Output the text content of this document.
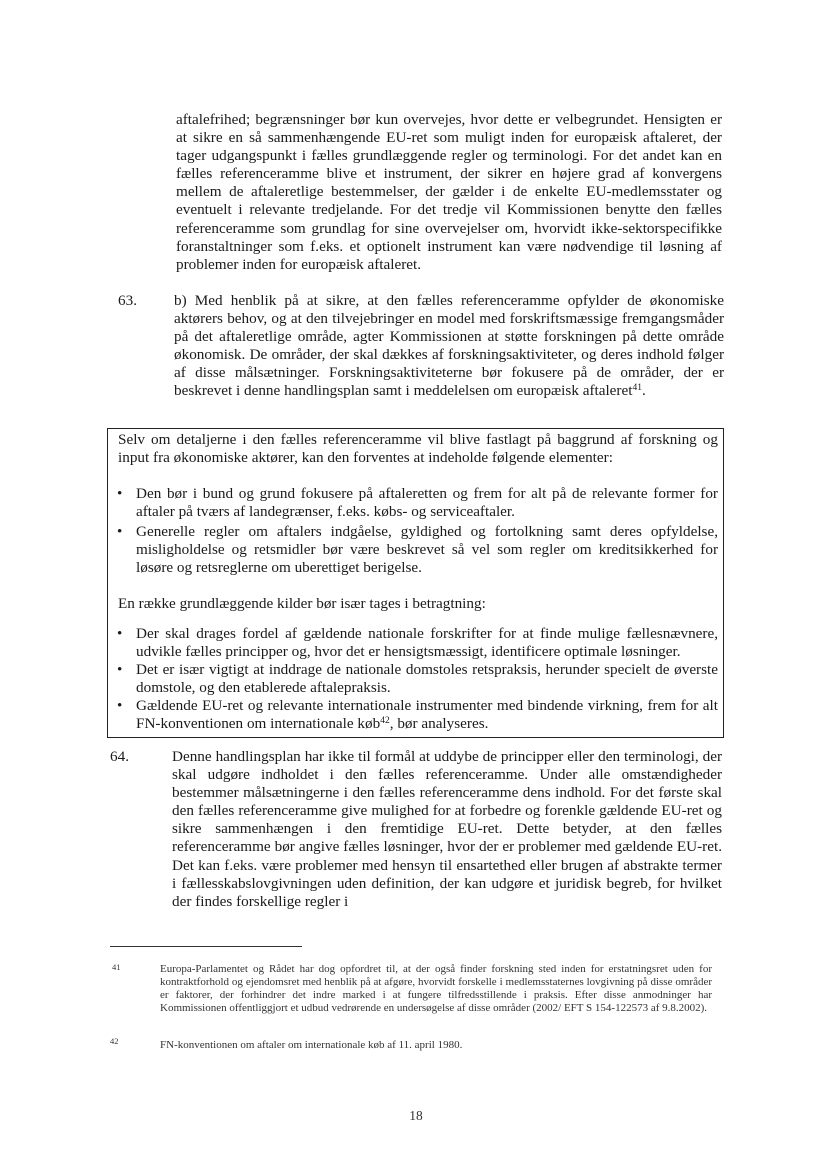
aftalefrihed; begrænsninger bør kun overvejes, hvor dette er velbegrundet. Hensigten er at sikre en så sammenhængende EU-ret som muligt inden for europæisk aftaleret, der tager udgangspunkt i fælles grundlæggende regler og terminologi. For det andet kan en fælles referenceramme blive et instrument, der sikrer en højere grad af konvergens mellem de aftaleretlige bestemmelser, der gælder i de enkelte EU-medlemsstater og eventuelt i relevante tredjelande. For det tredje vil Kommissionen benytte den fælles referenceramme som grundlag for sine overvejelser om, hvorvidt ikke-sektorspecifikke foranstaltninger som f.eks. et optionelt instrument kan være nødvendige til løsning af problemer inden for europæisk aftaleret.
63. b) Med henblik på at sikre, at den fælles referenceramme opfylder de økonomiske aktørers behov, og at den tilvejebringer en model med forskriftsmæssige fremgangsmåder på det aftaleretlige område, agter Kommissionen at støtte forskningen på dette område økonomisk. De områder, der skal dækkes af forskningsaktiviteter, og deres indhold følger af disse målsætninger. Forskningsaktiviteterne bør fokusere på de områder, der er beskrevet i denne handlingsplan samt i meddelelsen om europæisk aftaleret$^{41}$.
Selv om detaljerne i den fælles referenceramme vil blive fastlagt på baggrund af forskning og input fra økonomiske aktører, kan den forventes at indeholde følgende elementer:
• Den bør i bund og grund fokusere på aftaleretten og frem for alt på de relevante former for aftaler på tværs af landegrænser, f.eks. købs- og serviceaftaler.
• Generelle regler om aftalers indgåelse, gyldighed og fortolkning samt deres opfyldelse, misligholdelse og retsmidler bør være beskrevet så vel som regler om kreditsikkerhed for løsøre og retsreglerne om uberettiget berigelse.
En række grundlæggende kilder bør især tages i betragtning:
• Der skal drages fordel af gældende nationale forskrifter for at finde mulige fællesnævnere, udvikle fælles principper og, hvor det er hensigtsmæssigt, identificere optimale løsninger.
• Det er især vigtigt at inddrage de nationale domstoles retspraksis, herunder specielt de øverste domstole, og den etablerede aftalepraksis.
• Gældende EU-ret og relevante internationale instrumenter med bindende virkning, frem for alt FN-konventionen om internationale køb$^{42}$, bør analyseres.
64.	Denne handlingsplan har ikke til formål at uddybe de principper eller den terminologi, der skal udgøre indholdet i den fælles referenceramme. Under alle omstændigheder bestemmer målsætningerne i den fælles referenceramme dens indhold. For det første skal den fælles referenceramme give mulighed for at forbedre og forenkle gældende EU-ret og sikre sammenhængen i den fremtidige EU-ret. Dette betyder, at den fælles referenceramme bør angive fælles løsninger, hvor der er problemer med gældende EU-ret. Det kan f.eks. være problemer med hensyn til ensartethed eller brugen af abstrakte termer i fællesskabslovgivningen uden definition, der kan udgøre et juridisk begreb, for hvilket der findes forskellige regler i
41	Europa-Parlamentet og Rådet har dog opfordret til, at der også finder forskning sted inden for erstatningsret uden for kontraktforhold og ejendomsret med henblik på at afgøre, hvorvidt forskelle i medlemsstaternes lovgivning på disse områder er faktorer, der forhindrer det indre marked i at fungere tilfredsstillende i praksis. Efter disse anmodninger har Kommissionen offentliggjort et udbud vedrørende en undersøgelse af disse områder (2002/ EFT S 154-122573 af 9.8.2002).
42	FN-konventionen om aftaler om internationale køb af 11. april 1980.
18
